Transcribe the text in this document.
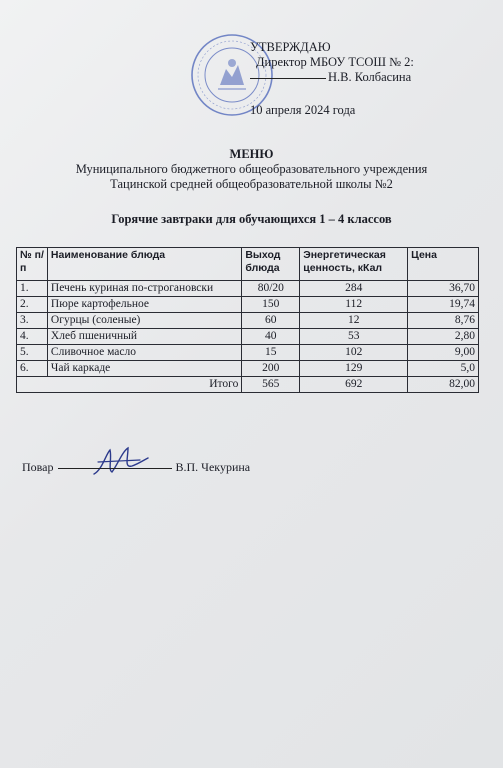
УТВЕРЖДАЮ
Директор МБОУ ТСОШ № 2:
Н.В. Колбасина
10 апреля 2024 года
МЕНЮ
Муниципального бюджетного общеобразовательного учреждения
Тацинской средней общеобразовательной школы №2
Горячие завтраки для обучающихся 1 – 4 классов
№ п/п	Наименование блюда	Выход блюда	Энергетическая ценность, кКал	Цена
1.	Печень куриная по-строгановски	80/20	284	36,70
2.	Пюре картофельное	150	112	19,74
3.	Огурцы (соленые)	60	12	8,76
4.	Хлеб пшеничный	40	53	2,80
5.	Сливочное масло	15	102	9,00
6.	Чай каркаде	200	129	5,0
Итого		565	692	82,00
Повар	В.П. Чекурина
